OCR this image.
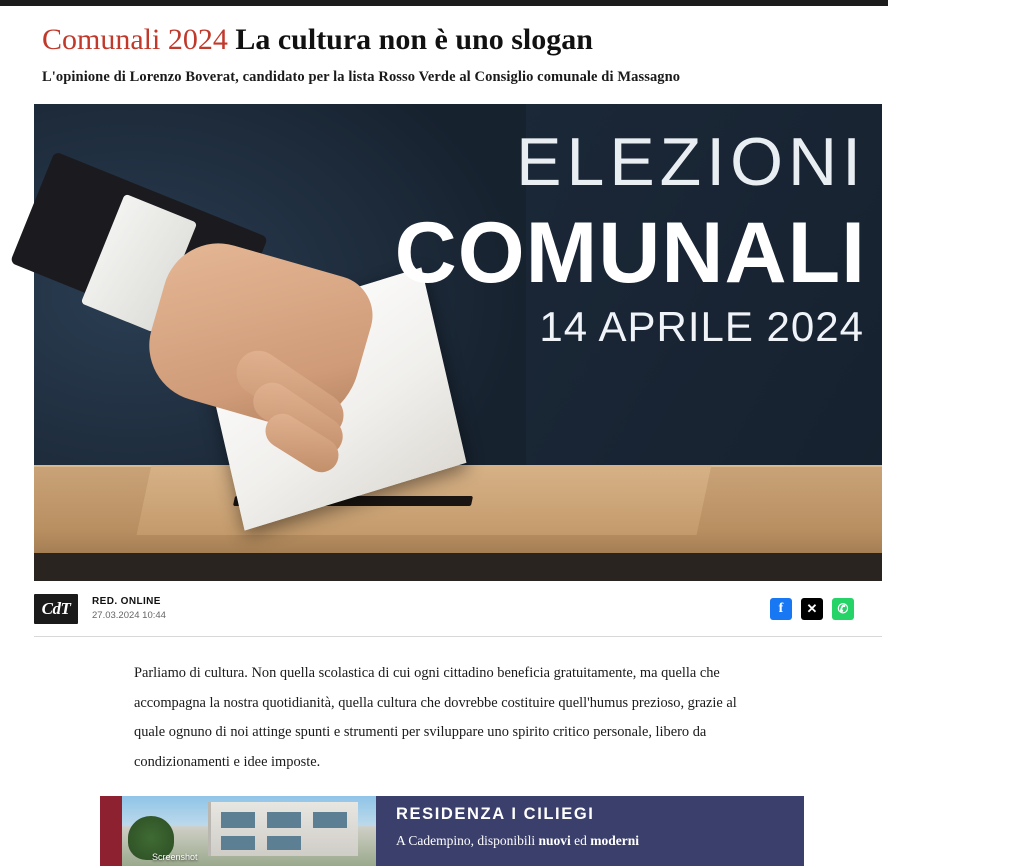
Comunali 2024 La cultura non è uno slogan

L'opinione di Lorenzo Boverat, candidato per la lista Rosso Verde al Consiglio comunale di Massagno

ELEZIONI
COMUNALI
14 APRILE 2024
CdT	RED. ONLINE
27.03.2024 10:44	f	✕	✆

Parliamo di cultura. Non quella scolastica di cui ogni cittadino beneficia gratuitamente, ma quella che accompagna la nostra quotidianità, quella cultura che dovrebbe costituire quell'humus prezioso, grazie al quale ognuno di noi attinge spunti e strumenti per sviluppare uno spirito critico personale, libero da condizionamenti e idee imposte.

Screenshot
RESIDENZA I CILIEGI
A Cadempino, disponibili nuovi ed moderni
